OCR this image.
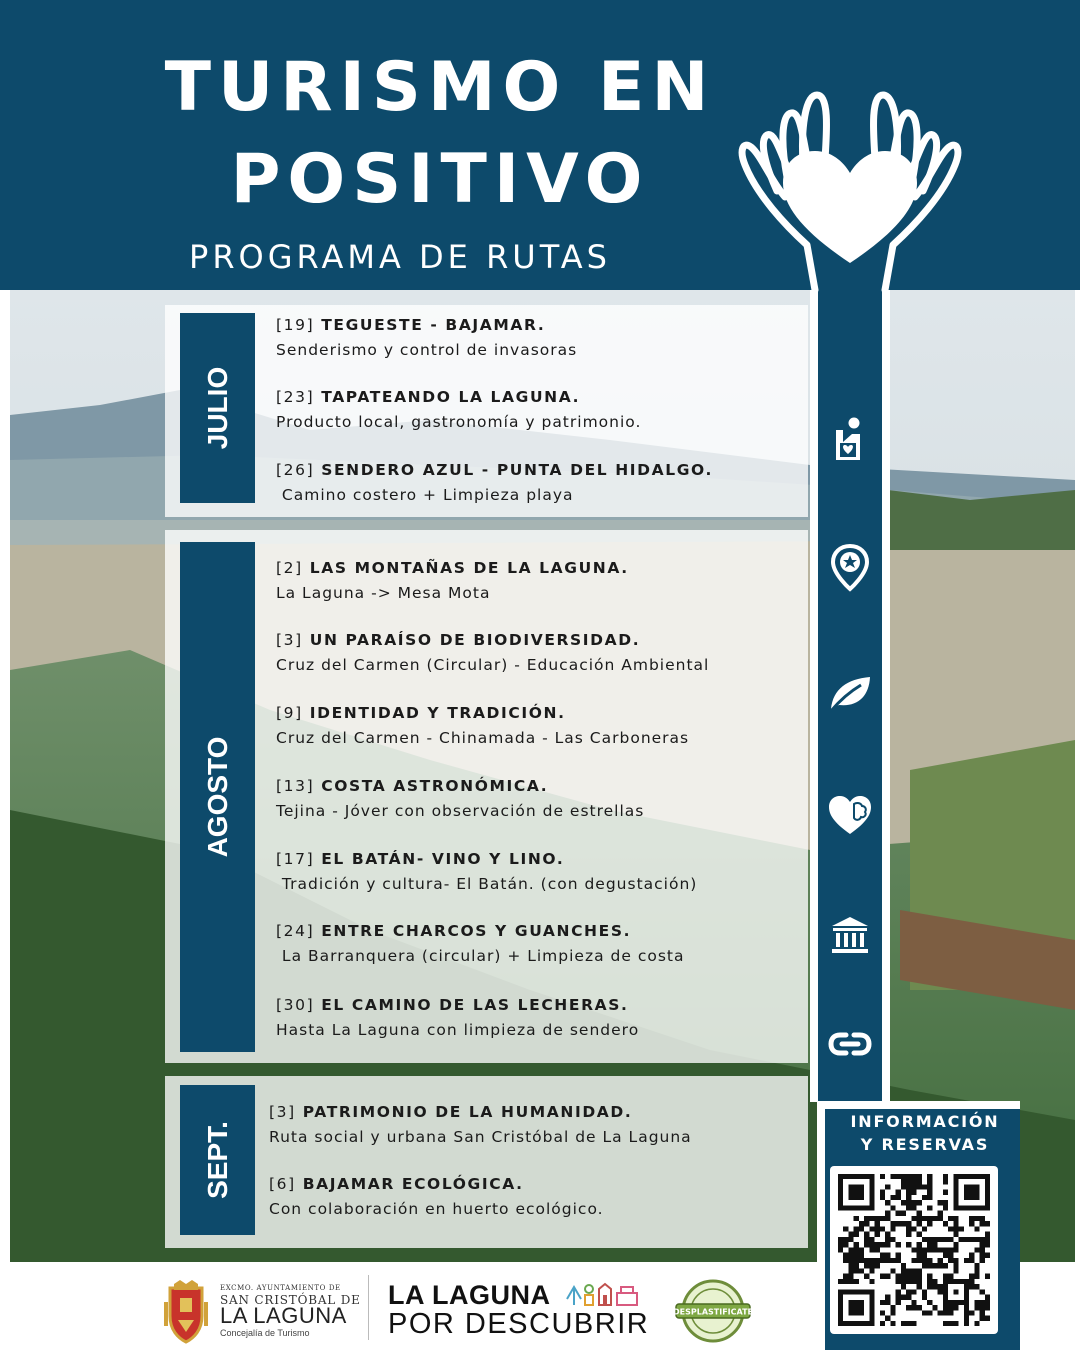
TURISMO EN
POSITIVO
PROGRAMA DE RUTAS
JULIO
AGOSTO
SEPT.
[19] TEGUESTE - BAJAMAR.
Senderismo y control de invasoras
[23] TAPATEANDO LA LAGUNA.
Producto local, gastronomía y patrimonio.
[26] SENDERO AZUL - PUNTA DEL HIDALGO.
Camino costero + Limpieza playa
[2] LAS MONTAÑAS DE LA LAGUNA.
La Laguna -> Mesa Mota
[3] UN PARAÍSO DE BIODIVERSIDAD.
Cruz del Carmen (Circular) - Educación Ambiental
[9] IDENTIDAD Y TRADICIÓN.
Cruz del Carmen - Chinamada - Las Carboneras
[13] COSTA ASTRONÓMICA.
Tejina - Jóver con observación de estrellas
[17] EL BATÁN- VINO Y LINO.
Tradición y cultura- El Batán. (con degustación)
[24] ENTRE CHARCOS Y GUANCHES.
La Barranquera (circular) + Limpieza de costa
[30] EL CAMINO DE LAS LECHERAS.
Hasta La Laguna con limpieza de sendero
[3] PATRIMONIO DE LA HUMANIDAD.
Ruta social y urbana San Cristóbal de La Laguna
[6] BAJAMAR ECOLÓGICA.
Con colaboración en huerto ecológico.
INFORMACIÓN
Y RESERVAS
EXCMO. AYUNTAMIENTO DE
SAN CRISTÓBAL DE
LA LAGUNA
Concejalía de Turismo
LA LAGUNA
POR DESCUBRIR	DESPLASTIFICATE
